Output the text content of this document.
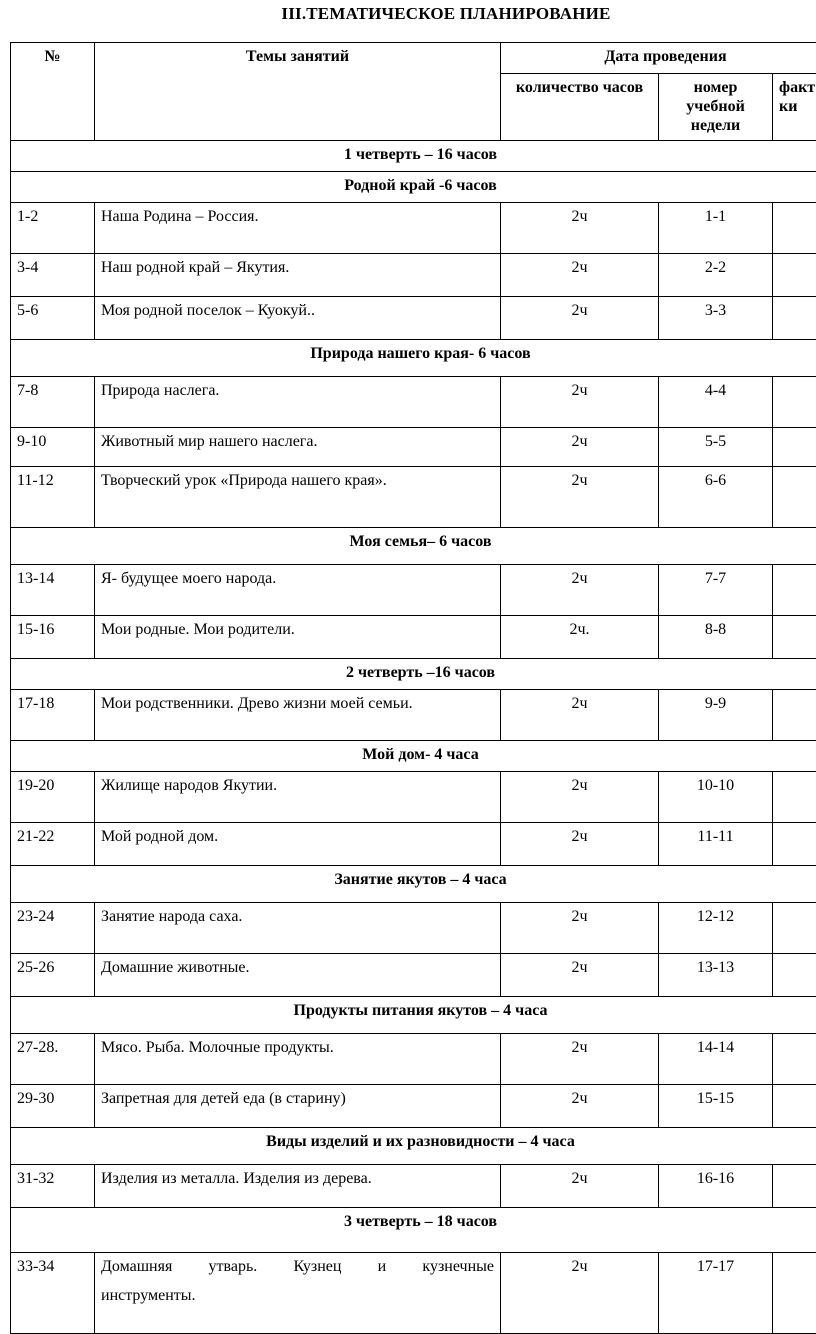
III.ТЕМАТИЧЕСКОЕ ПЛАНИРОВАНИЕ
№	Темы занятий	Дата проведения		
		количество часов	номер учебной недели	факт ки
1 четверть – 16 часов				
Родной край -6 часов				
1-2	Наша Родина – Россия.	2ч	1-1	
3-4	Наш родной край – Якутия.	2ч	2-2	
5-6	Моя родной поселок – Куокуй..	2ч	3-3	
Природа нашего края- 6 часов				
7-8	Природа наслега.	2ч	4-4	
9-10	Животный мир нашего наслега.	2ч	5-5	
11-12	Творческий урок «Природа нашего края».	2ч	6-6	
Моя семья– 6 часов				
13-14	Я- будущее моего народа.	2ч	7-7	
15-16	Мои родные. Мои родители.	2ч.	8-8	
2 четверть –16 часов				
17-18	Мои родственники. Древо жизни моей семьи.	2ч	9-9	
Мой дом- 4 часа				
19-20	Жилище народов Якутии.	2ч	10-10	
21-22	Мой родной дом.	2ч	11-11	
Занятие якутов – 4 часа				
23-24	Занятие народа саха.	2ч	12-12	
25-26	Домашние животные.	2ч	13-13	
Продукты питания якутов – 4 часа				
27-28.	Мясо. Рыба. Молочные продукты.	2ч	14-14	
29-30	Запретная для детей еда (в старину)	2ч	15-15	
Виды изделий и их разновидности – 4 часа				
31-32	Изделия из металла. Изделия из дерева.	2ч	16-16	
3 четверть – 18 часов				
33-34	Домашняя утварь. Кузнец и кузнечные
инструменты.	2ч	17-17	
